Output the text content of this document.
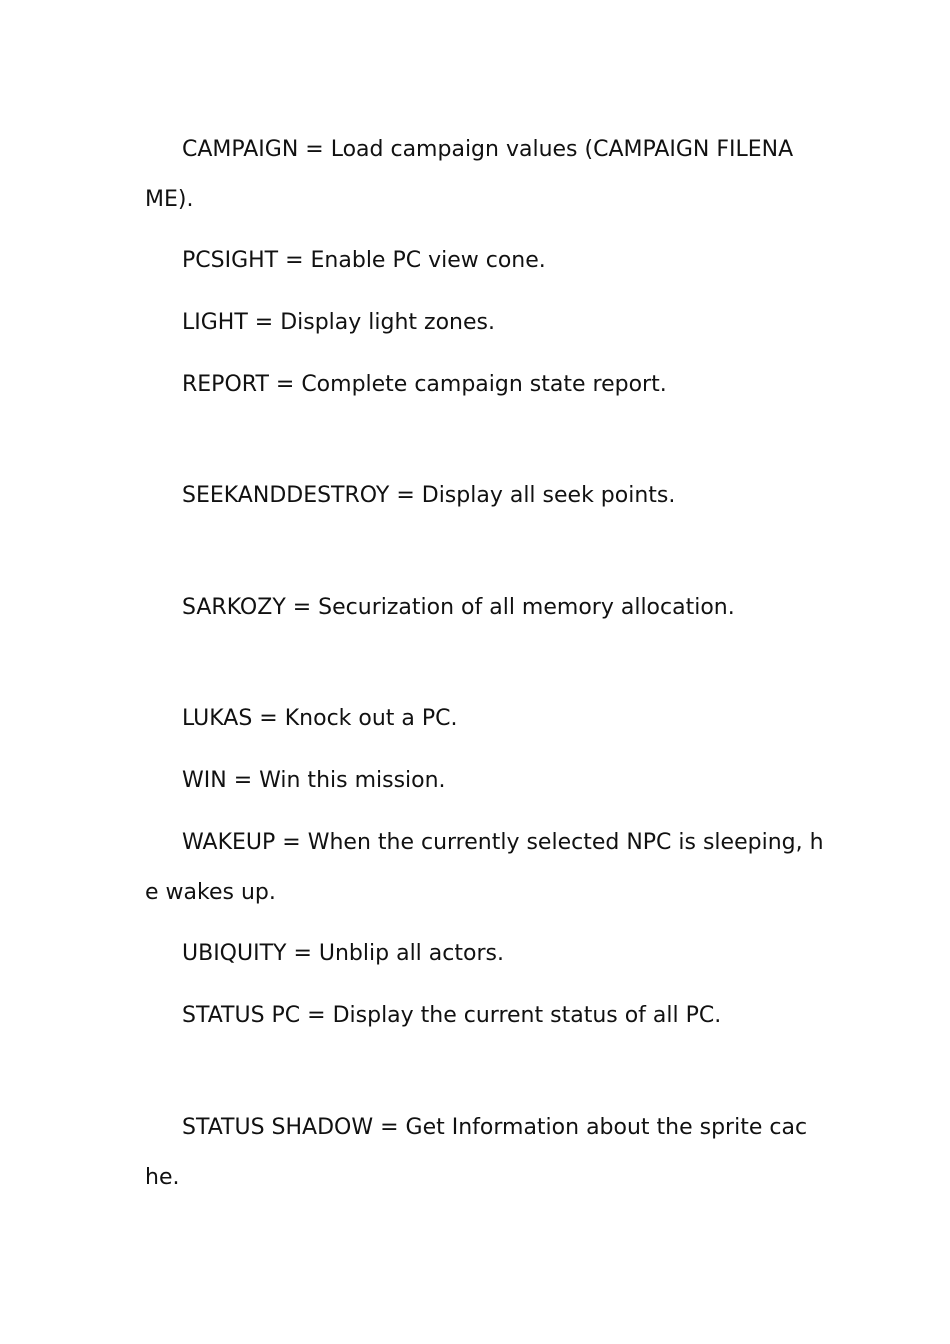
CAMPAIGN = Load campaign values (CAMPAIGN FILENA

ME).

PCSIGHT = Enable PC view cone.

LIGHT = Display light zones.

REPORT = Complete campaign state report.

SEEKANDDESTROY = Display all seek points.

SARKOZY = Securization of all memory allocation.

LUKAS = Knock out a PC.

WIN = Win this mission.

WAKEUP = When the currently selected NPC is sleeping, h

e wakes up.

UBIQUITY = Unblip all actors.

STATUS PC = Display the current status of all PC.

STATUS SHADOW = Get Information about the sprite cac

he.
